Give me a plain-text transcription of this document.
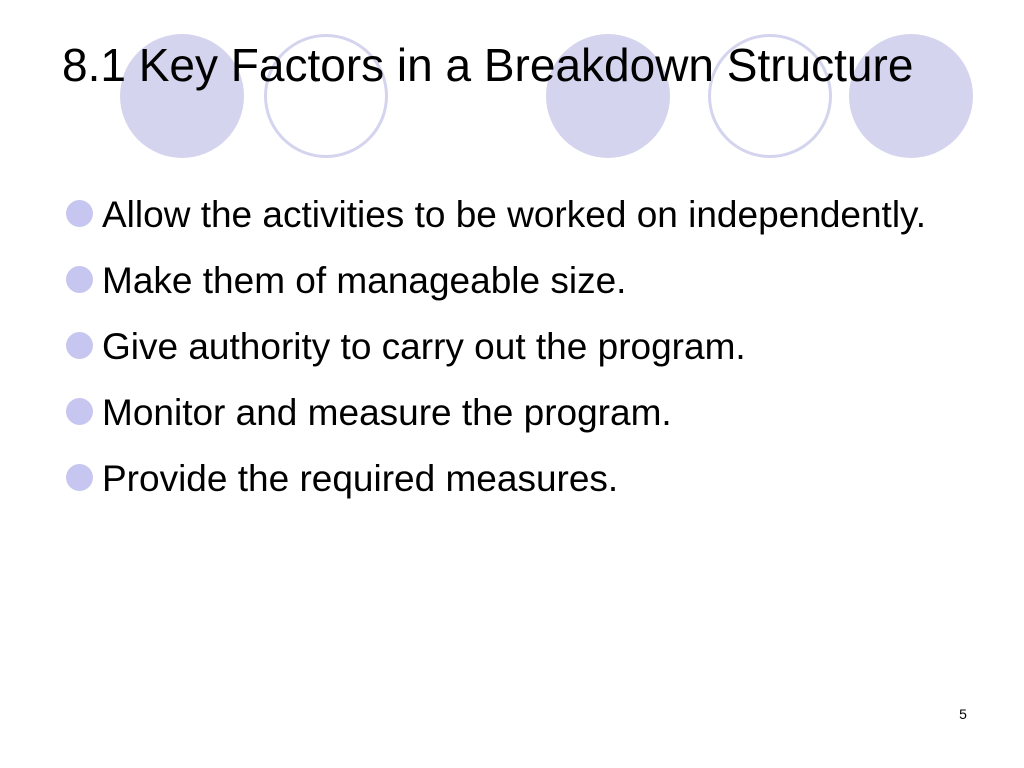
8.1 Key Factors in a Breakdown Structure
Allow the activities to be worked on independently.
Make them of manageable size.
Give authority to carry out the program.
Monitor and measure the program.
Provide the required measures.
5
